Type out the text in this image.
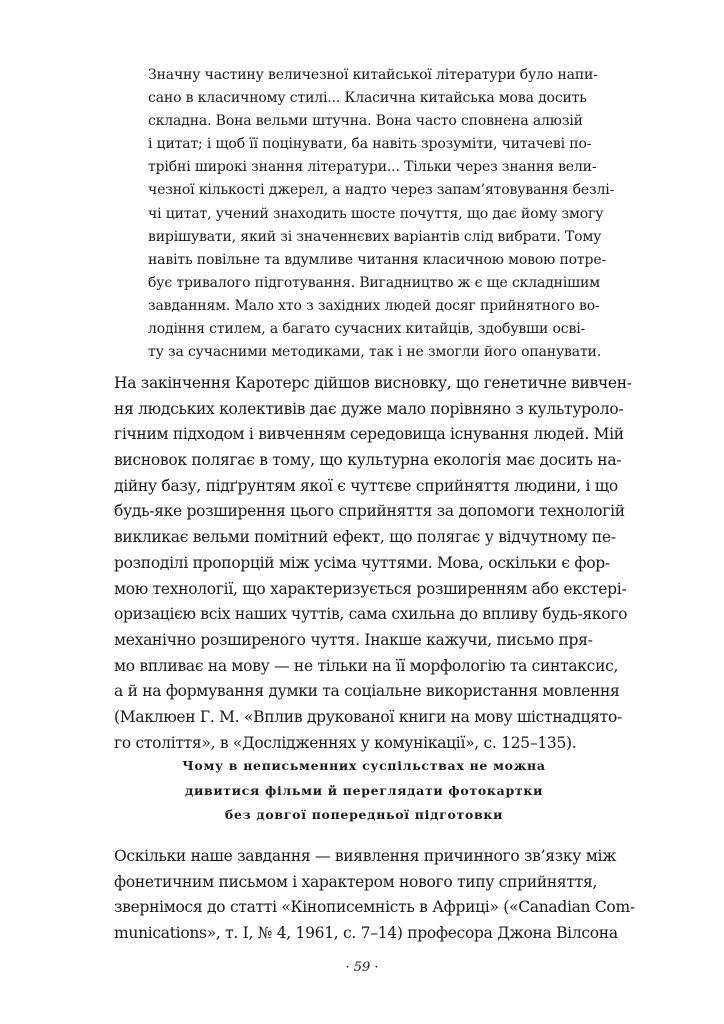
Значну частину величезної китайської літератури було напи-
сано в класичному стилі... Класична китайська мова досить
складна. Вона вельми штучна. Вона часто сповнена алюзій
і цитат; і щоб її поцінувати, ба навіть зрозуміти, читачеві по-
трібні широкі знання літератури... Тільки через знання вели-
чезної кількості джерел, а надто через запам’ятовування безлі-
чі цитат, учений знаходить шосте почуття, що дає йому змогу
вирішувати, який зі значеннєвих варіантів слід вибрати. Тому
навіть повільне та вдумливе читання класичною мовою потре-
бує тривалого підготування. Вигадництво ж є ще складнішим
завданням. Мало хто з західних людей досяг прийнятного во-
лодіння стилем, а багато сучасних китайців, здобувши осві-
ту за сучасними методиками, так і не змогли його опанувати.
На закінчення Каротерс дійшов висновку, що генетичне вивчен-
ня людських колективів дає дуже мало порівняно з культуроло-
гічним підходом і вивченням середовища існування людей. Мій
висновок полягає в тому, що культурна екологія має досить на-
дійну базу, підґрунтям якої є чуттєве сприйняття людини, і що
будь-яке розширення цього сприйняття за допомоги технологій
викликає вельми помітний ефект, що полягає у відчутному пе-
розподілі пропорцій між усіма чуттями. Мова, оскільки є фор-
мою технології, що характеризується розширенням або екстері-
оризацією всіх наших чуттів, сама схильна до впливу будь-якого
механічно розширеного чуття. Інакше кажучи, письмо пря-
мо впливає на мову — не тільки на її морфологію та синтаксис,
а й на формування думки та соціальне використання мовлення
(Маклюен Г. М. «Вплив друкованої книги на мову шістнадцято-
го століття», в «Дослідженнях у комунікації», с. 125–135).
Чому в неписьменних суспільствах не можна
дивитися фільми й переглядати фотокартки
без довгої попередньої підготовки
Оскільки наше завдання — виявлення причинного зв’язку між
фонетичним письмом і характером нового типу сприйняття,
звернімося до статті «Кінописемність в Африці» («Canadian Com-
munications», т. I, № 4, 1961, с. 7–14) професора Джона Вілсона
· 59 ·
